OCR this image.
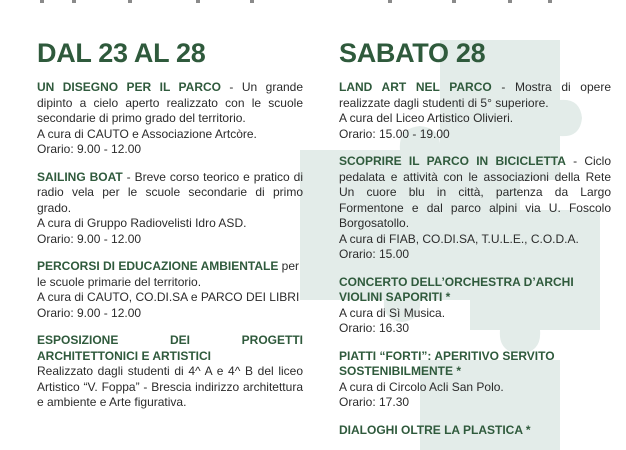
DAL 23 AL 28

UN DISEGNO PER IL PARCO - Un grande dipinto a cielo aperto realizzato con le scuole secondarie di primo grado del territorio.

A cura di CAUTO e Associazione Artcòre.

Orario: 9.00 - 12.00

SAILING BOAT - Breve corso teorico e pratico di radio vela per le scuole secondarie di primo grado.

A cura di Gruppo Radiovelisti Idro ASD.

Orario: 9.00 - 12.00

PERCORSI DI EDUCAZIONE AMBIENTALE per le scuole primarie del territorio.

A cura di CAUTO, CO.DI.SA e PARCO DEI LIBRI

Orario: 9.00 - 12.00

ESPOSIZIONE DEI PROGETTI ARCHITETTONICI E ARTISTICI

Realizzato dagli studenti di 4^ A e 4^ B del liceo Artistico “V. Foppa” - Brescia indirizzo architettura e ambiente e Arte figurativa.

SABATO 28

LAND ART NEL PARCO - Mostra di opere realizzate dagli studenti di 5° superiore.

A cura del Liceo Artistico Olivieri.

Orario: 15.00 - 19.00

SCOPRIRE IL PARCO IN BICICLETTA - Ciclo pedalata e attività con le associazioni della Rete Un cuore blu in città, partenza da Largo Formentone e dal parco alpini via U. Foscolo Borgosatollo.

A cura di FIAB, CO.DI.SA, T.U.L.E., C.O.D.A.

Orario: 15.00

CONCERTO DELL’ORCHESTRA D’ARCHI VIOLINI SAPORITI *

A cura di Sì Musica.

Orario: 16.30

PIATTI “FORTI”: APERITIVO SERVITO SOSTENIBILMENTE *

A cura di Circolo Acli San Polo.

Orario: 17.30

DIALOGHI OLTRE LA PLASTICA *
